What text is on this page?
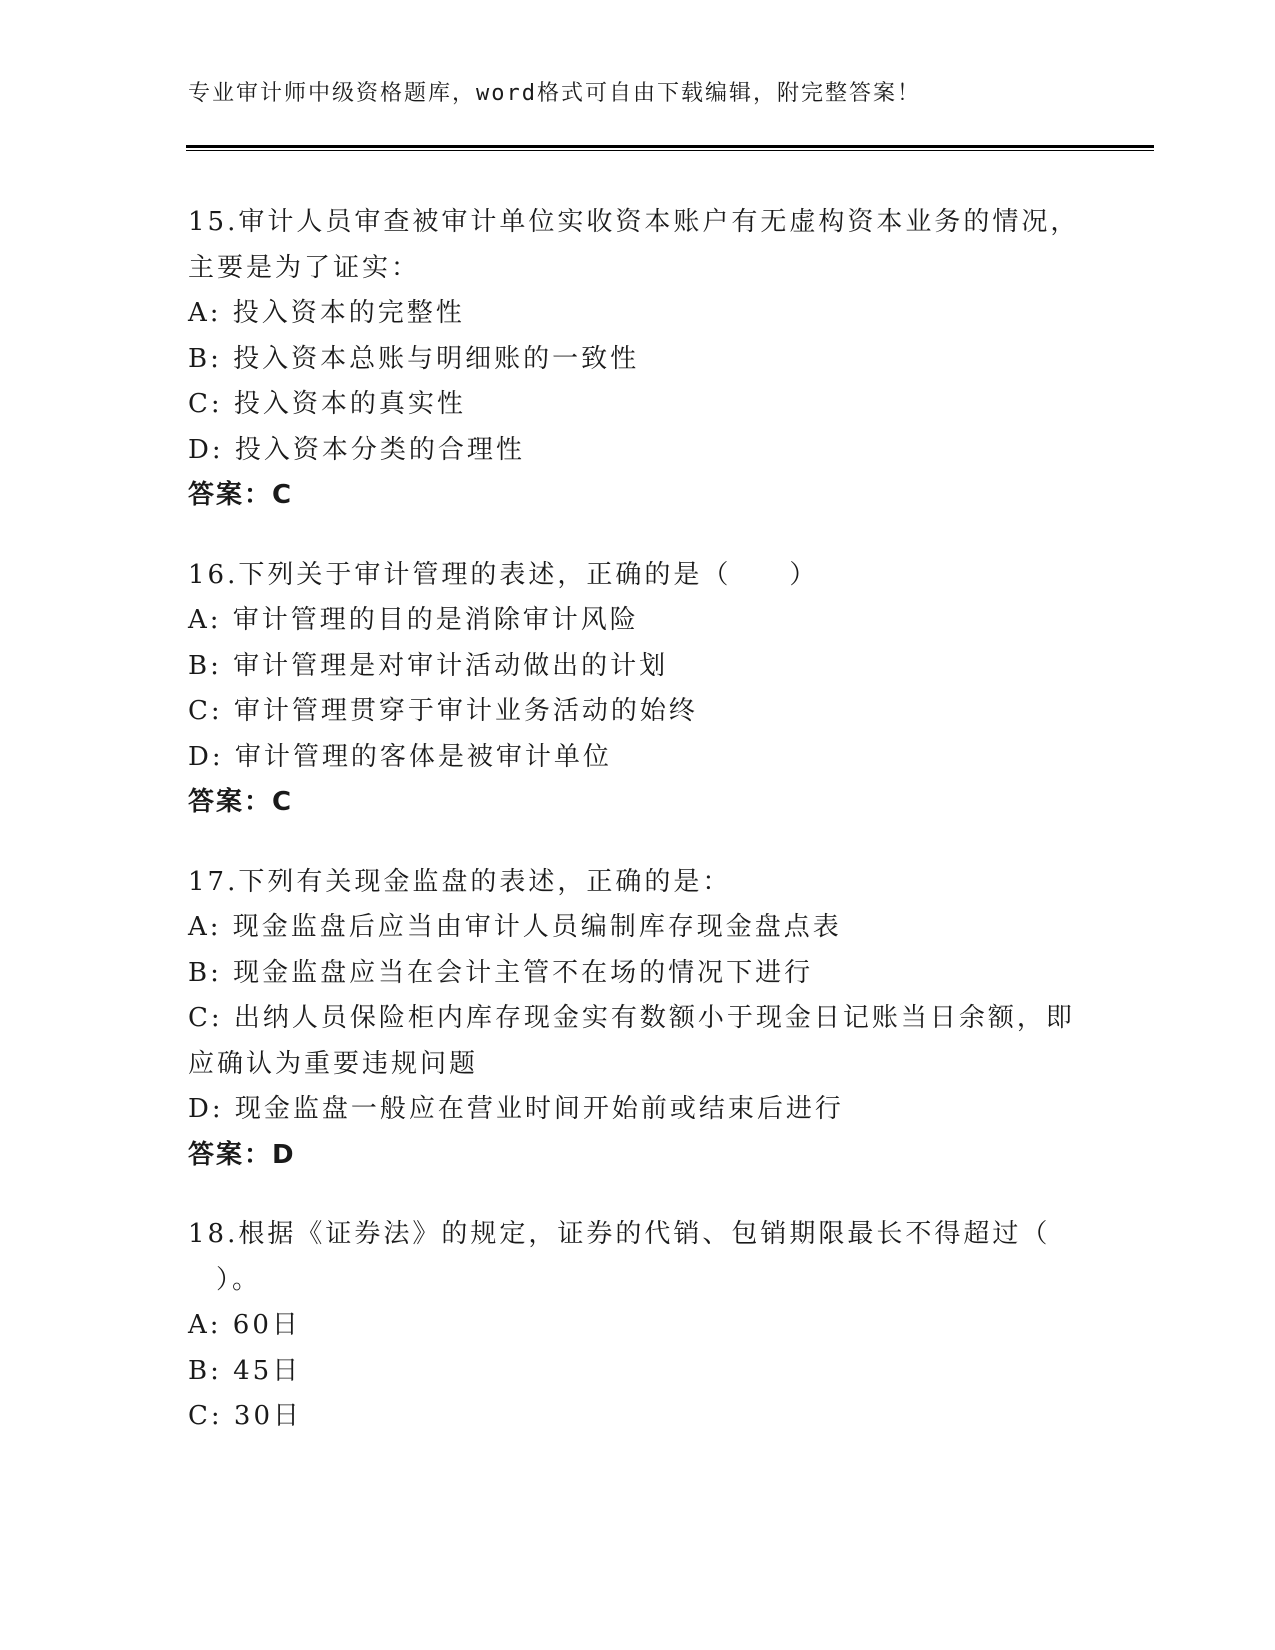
专业审计师中级资格题库，word格式可自由下载编辑，附完整答案！
15.审计人员审查被审计单位实收资本账户有无虚构资本业务的情况，
主要是为了证实：
A: 投入资本的完整性
B: 投入资本总账与明细账的一致性
C: 投入资本的真实性
D: 投入资本分类的合理性
答案：C
16.下列关于审计管理的表述，正确的是（　　）
A: 审计管理的目的是消除审计风险
B: 审计管理是对审计活动做出的计划
C: 审计管理贯穿于审计业务活动的始终
D: 审计管理的客体是被审计单位
答案：C
17.下列有关现金监盘的表述，正确的是：
A: 现金监盘后应当由审计人员编制库存现金盘点表
B: 现金监盘应当在会计主管不在场的情况下进行
C: 出纳人员保险柜内库存现金实有数额小于现金日记账当日余额，即
应确认为重要违规问题
D: 现金监盘一般应在营业时间开始前或结束后进行
答案：D
18.根据《证券法》的规定，证券的代销、包销期限最长不得超过（
）。
A: 60日
B: 45日
C: 30日
